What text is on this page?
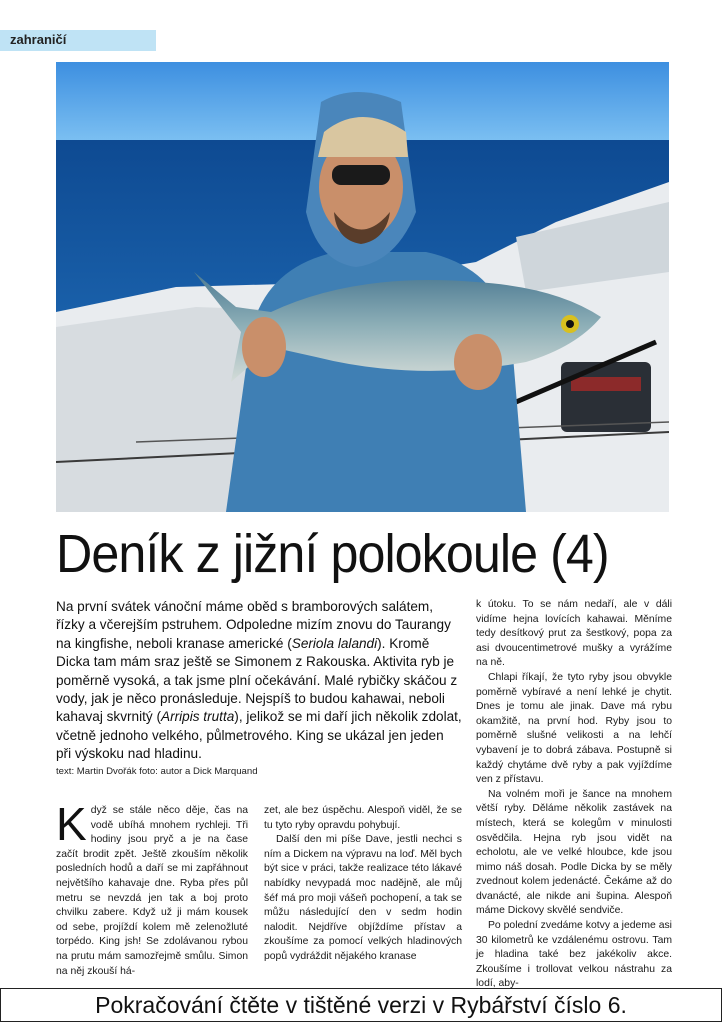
zahraničí
Deník z jižní polokoule (4)
Na první svátek vánoční máme oběd s bramborových salátem, řízky a včerejším pstruhem. Odpoledne mizím znovu do Taurangy na kingfishe, neboli kranase americké (Seriola lalandi). Kromě Dicka tam mám sraz ještě se Simonem z Rakouska. Aktivita ryb je poměrně vysoká, a tak jsme plní očekávání. Malé rybičky skáčou z vody, jak je něco pronásleduje. Nejspíš to budou kahawai, neboli kahavaj skvrnitý (Arripis trutta), jelikož se mi daří jich několik zdolat, včetně jednoho velkého, půlmetrového. King se ukázal jen jeden při výskoku nad hladinu.
text: Martin Dvořák foto: autor a Dick Marquand
K dyž se stále něco děje, čas na vodě ubíhá mnohem rychleji. Tři hodiny jsou pryč a je na čase začít brodit zpět. Ještě zkouším několik posledních hodů a daří se mi zapřáhnout největšího kahavaje dne. Ryba přes půl metru se nevzdá jen tak a boj proto chvilku zabere. Když už ji mám kousek od sebe, projíždí kolem mě zelenožluté torpédo. King jsh! Se zdolávanou rybou na prutu mám samozřejmě smůlu. Simon na něj zkouší há-

zet, ale bez úspěchu. Alespoň viděl, že se tu tyto ryby opravdu pohybují.

Další den mi píše Dave, jestli nechci s ním a Dickem na výpravu na loď. Měl bych být sice v práci, takže realizace této lákavé nabídky nevypadá moc nadějně, ale můj šéf má pro moji vášeň pochopení, a tak se můžu následující den v sedm hodin nalodit. Nejdříve objíždíme přístav a zkoušíme za pomocí velkých hladinových popů vydráždit nějakého kranase

k útoku. To se nám nedaří, ale v dáli vidíme hejna lovících kahawai. Měníme tedy desítkový prut za šestkový, popa za asi dvoucentimetrové mušky a vyrážíme na ně.

Chlapi říkají, že tyto ryby jsou obvykle poměrně vybíravé a není lehké je chytit. Dnes je tomu ale jinak. Dave má rybu okamžitě, na první hod. Ryby jsou to poměrně slušné velikosti a na lehčí vybavení je to dobrá zábava. Postupně si každý chytáme dvě ryby a pak vyjíždíme ven z přístavu.

Na volném moři je šance na mnohem větší ryby. Děláme několik zastávek na místech, která se kolegům v minulosti osvědčila. Hejna ryb jsou vidět na echolotu, ale ve velké hloubce, kde jsou mimo náš dosah. Podle Dicka by se měly zvednout kolem jedenácté. Čekáme až do dvanácté, ale nikde ani šupina. Alespoň máme Dickovy skvělé sendviče.

Po polední zvedáme kotvy a jedeme asi 30 kilometrů ke vzdálenému ostrovu. Tam je hladina také bez jakékoliv akce. Zkoušíme i trollovat velkou nástrahu za lodí, aby-

Pokračování čtěte v tištěné verzi v Rybářství číslo 6.
